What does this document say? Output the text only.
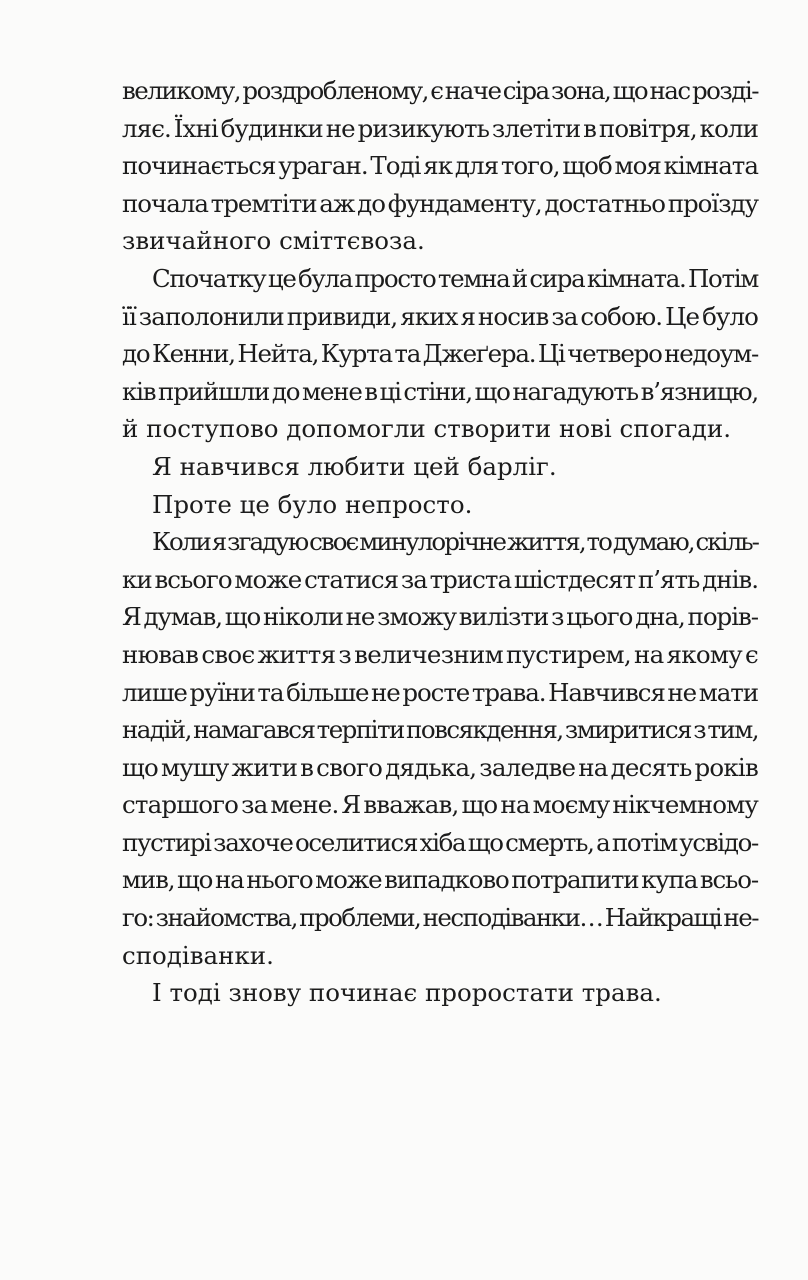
великому, роздробленому, є наче сіра зона, що нас розді-
ляє. Їхні будинки не ризикують злетіти в повітря, коли
починається ураган. Тоді як для того, щоб моя кімната
почала тремтіти аж до фундаменту, достатньо проїзду
звичайного сміттєвоза.
Спочатку це була просто темна й сира кімната. Потім
її заполонили привиди, яких я носив за собою. Це було
до Кенни, Нейта, Курта та Джеґера. Ці четверо недоум-
ків прийшли до мене в ці стіни, що нагадують в’язницю,
й поступово допомогли створити нові спогади.
Я навчився любити цей барліг.
Проте це було непросто.
Коли я згадую своє минулорічне життя, то думаю, скіль-
ки всього може статися за триста шістдесят п’ять днів.
Я думав, що ніколи не зможу вилізти з цього дна, порів-
нював своє життя з величезним пустирем, на якому є
лише руїни та більше не росте трава. Навчився не мати
надій, намагався терпіти повсякдення, змиритися з тим,
що мушу жити в свого дядька, заледве на десять років
старшого за мене. Я вважав, що на моєму нікчемному
пустирі захоче оселитися хіба що смерть, а потім усвідо-
мив, що на нього може випадково потрапити купа всьо-
го: знайомства, проблеми, несподіванки… Найкращі не-
сподіванки.
І тоді знову починає проростати трава.
